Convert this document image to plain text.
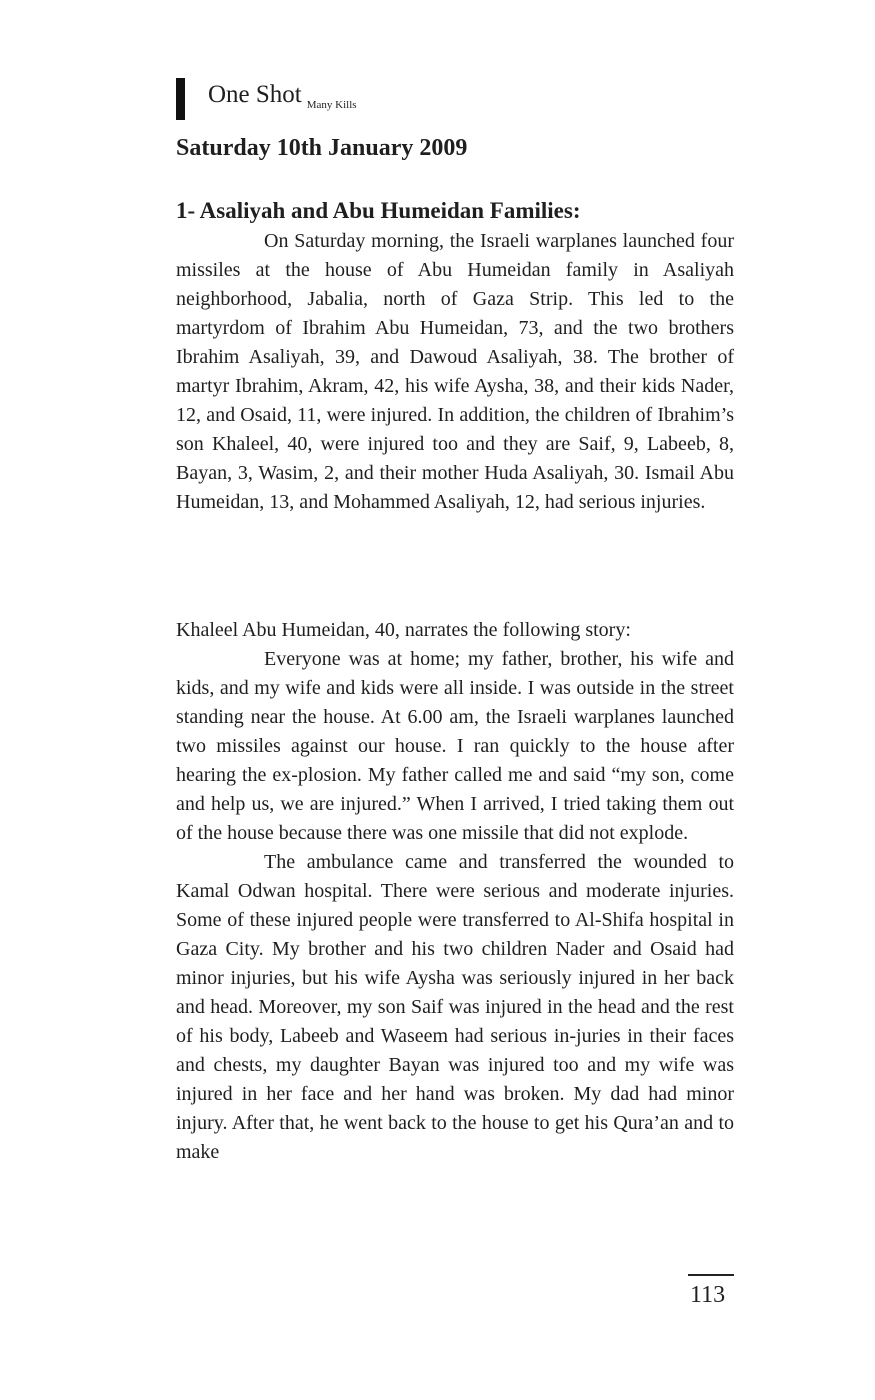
One Shot $_{Many Kills}$
Saturday 10th January 2009
1- Asaliyah and Abu Humeidan Families:

On Saturday morning, the Israeli warplanes launched four missiles at the house of Abu Humeidan family in Asaliyah neighborhood, Jabalia, north of Gaza Strip. This led to the martyrdom of Ibrahim Abu Humeidan, 73, and the two brothers Ibrahim Asaliyah, 39, and Dawoud Asaliyah, 38. The brother of martyr Ibrahim, Akram, 42, his wife Aysha, 38, and their kids Nader, 12, and Osaid, 11, were injured. In addition, the children of Ibrahim’s son Khaleel, 40, were injured too and they are Saif, 9, Labeeb, 8, Bayan, 3, Wasim, 2, and their mother Huda Asaliyah, 30. Ismail Abu Humeidan, 13, and Mohammed Asaliyah, 12, had serious injuries.

Khaleel Abu Humeidan, 40, narrates the following story:

Everyone was at home; my father, brother, his wife and kids, and my wife and kids were all inside. I was outside in the street standing near the house. At 6.00 am, the Israeli warplanes launched two missiles against our house. I ran quickly to the house after hearing the ex-plosion. My father called me and said “my son, come and help us, we are injured.” When I arrived, I tried taking them out of the house because there was one missile that did not explode.

The ambulance came and transferred the wounded to Kamal Odwan hospital. There were serious and moderate injuries. Some of these injured people were transferred to Al-Shifa hospital in Gaza City. My brother and his two children Nader and Osaid had minor injuries, but his wife Aysha was seriously injured in her back and head. Moreover, my son Saif was injured in the head and the rest of his body, Labeeb and Waseem had serious in-juries in their faces and chests, my daughter Bayan was injured too and my wife was injured in her face and her hand was broken. My dad had minor injury. After that, he went back to the house to get his Qura’an and to make

113
